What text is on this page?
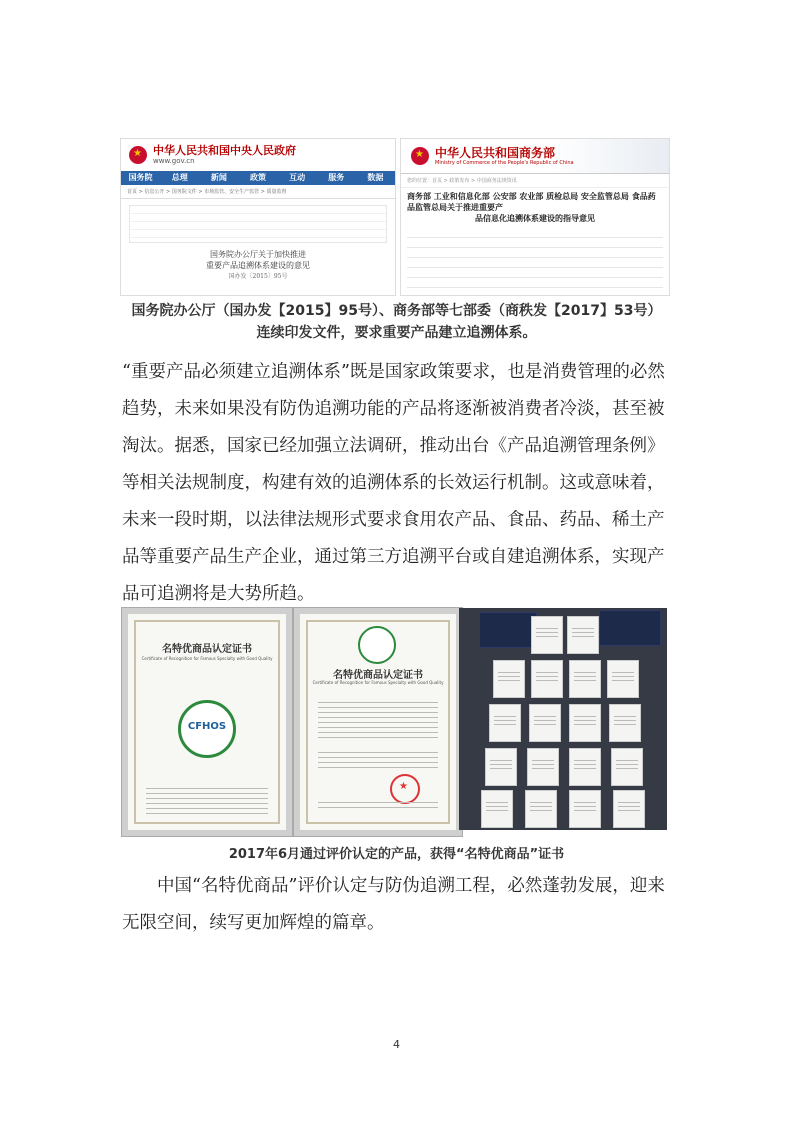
★
中华人民共和国中央人民政府
www.gov.cn
国务院	总理	新闻	政策	互动	服务	数据
首页 > 信息公开 > 国务院文件 > 市场监管、安全生产监管 > 质量监督
国务院办公厅关于加快推进
重要产品追溯体系建设的意见
国办发〔2015〕95号
★
中华人民共和国商务部
Ministry of Commerce of the People's Republic of China
您的位置：首页 > 政策发布 > 中国商务法规资讯
商务部 工业和信息化部 公安部 农业部 质检总局 安全监管总局 食品药品监管总局关于推进重要产
品信息化追溯体系建设的指导意见
国务院办公厅（国办发【2015】95号）、商务部等七部委（商秩发【2017】53号）
连续印发文件，要求重要产品建立追溯体系。
“重要产品必须建立追溯体系”既是国家政策要求，也是消费管理的必然趋势，未来如果没有防伪追溯功能的产品将逐渐被消费者冷淡，甚至被淘汰。据悉，国家已经加强立法调研，推动出台《产品追溯管理条例》等相关法规制度，构建有效的追溯体系的长效运行机制。这或意味着，未来一段时期，以法律法规形式要求食用农产品、食品、药品、稀土产品等重要产品生产企业，通过第三方追溯平台或自建追溯体系，实现产品可追溯将是大势所趋。
名特优商品认定证书
Certificate of Recognition for Famous Specialty with Good Quality
CFHOS
名特优商品认定证书
Certificate of Recognition for Famous Specialty with Good Quality
★
2017年6月通过评价认定的产品，获得“名特优商品”证书
中国“名特优商品”评价认定与防伪追溯工程，必然蓬勃发展，迎来无限空间，续写更加辉煌的篇章。
4
